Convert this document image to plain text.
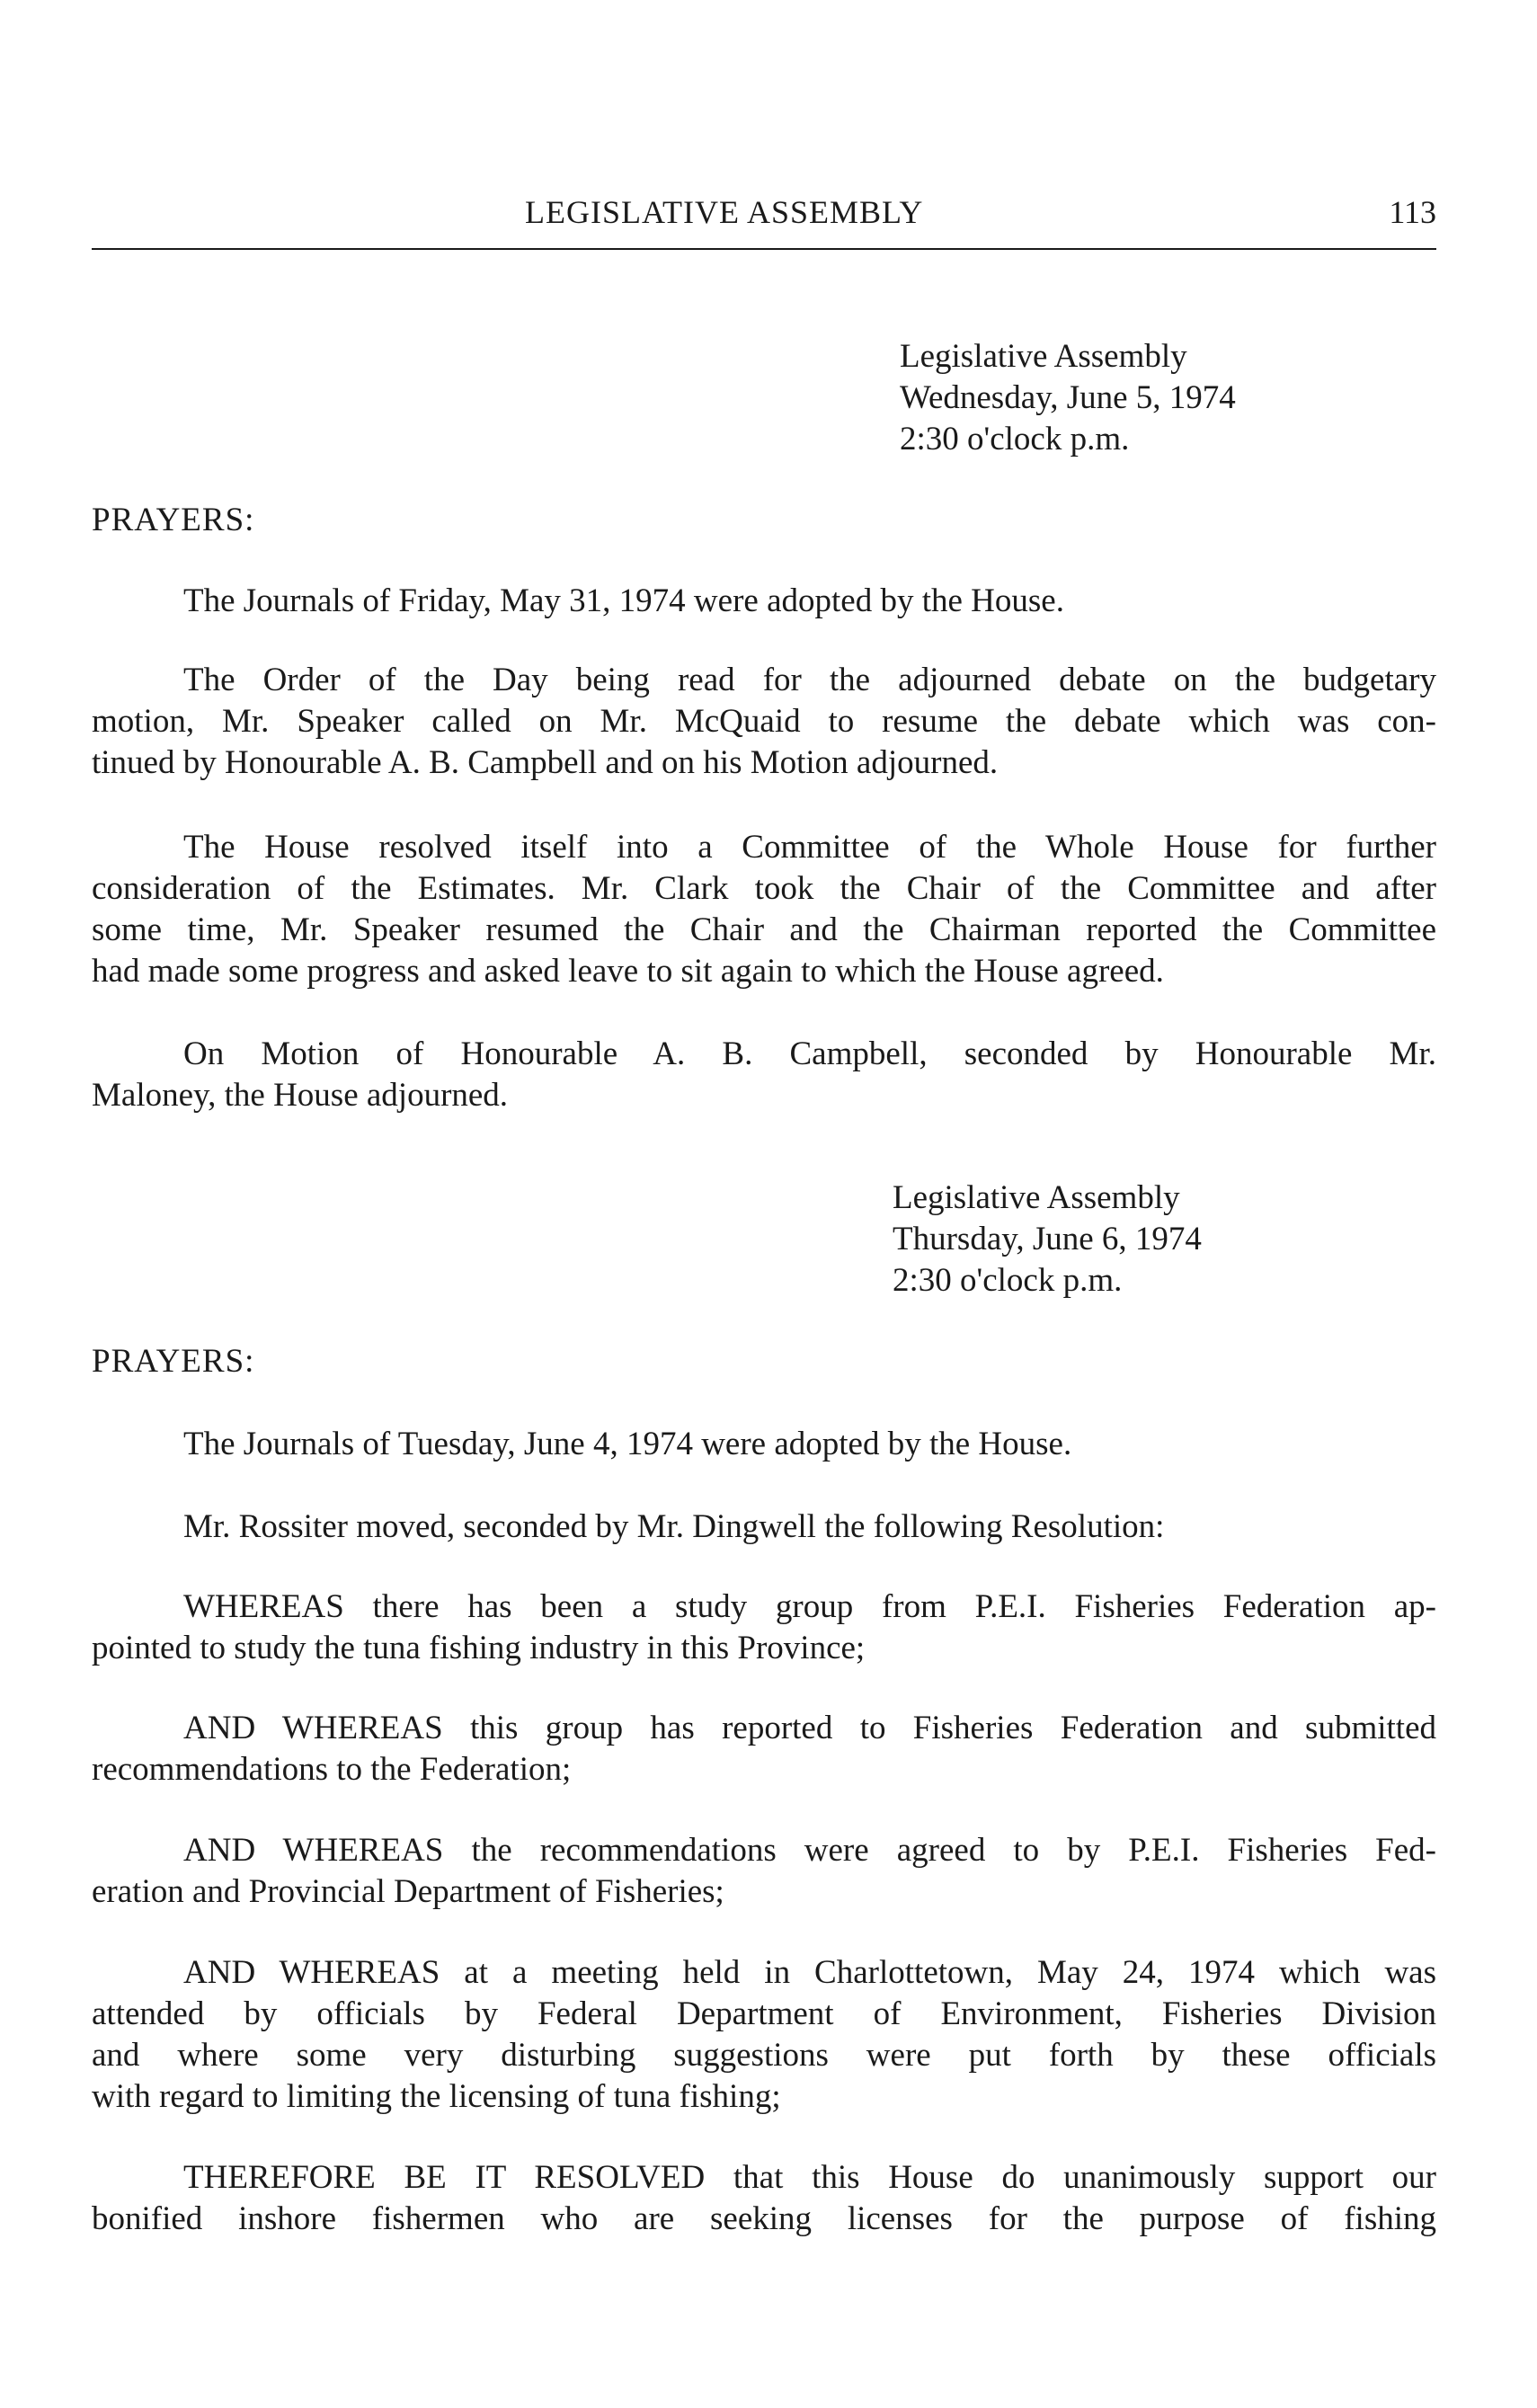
LEGISLATIVE ASSEMBLY	113
Legislative Assembly
Wednesday, June 5, 1974
2:30 o'clock p.m.
PRAYERS:
The Journals of Friday, May 31, 1974 were adopted by the House.
The Order of the Day being read for the adjourned debate on the budgetary
motion, Mr. Speaker called on Mr. McQuaid to resume the debate which was con-
tinued by Honourable A. B. Campbell and on his Motion adjourned.
The House resolved itself into a Committee of the Whole House for further
consideration of the Estimates. Mr. Clark took the Chair of the Committee and after
some time, Mr. Speaker resumed the Chair and the Chairman reported the Committee
had made some progress and asked leave to sit again to which the House agreed.
On Motion of Honourable A. B. Campbell, seconded by Honourable Mr.
Maloney, the House adjourned.
Legislative Assembly
Thursday, June 6, 1974
2:30 o'clock p.m.
PRAYERS:
The Journals of Tuesday, June 4, 1974 were adopted by the House.
Mr. Rossiter moved, seconded by Mr. Dingwell the following Resolution:
WHEREAS there has been a study group from P.E.I. Fisheries Federation ap-
pointed to study the tuna fishing industry in this Province;
AND WHEREAS this group has reported to Fisheries Federation and submitted
recommendations to the Federation;
AND WHEREAS the recommendations were agreed to by P.E.I. Fisheries Fed-
eration and Provincial Department of Fisheries;
AND WHEREAS at a meeting held in Charlottetown, May 24, 1974 which was
attended by officials by Federal Department of Environment, Fisheries Division
and where some very disturbing suggestions were put forth by these officials
with regard to limiting the licensing of tuna fishing;
THEREFORE BE IT RESOLVED that this House do unanimously support our
bonified inshore fishermen who are seeking licenses for the purpose of fishing
